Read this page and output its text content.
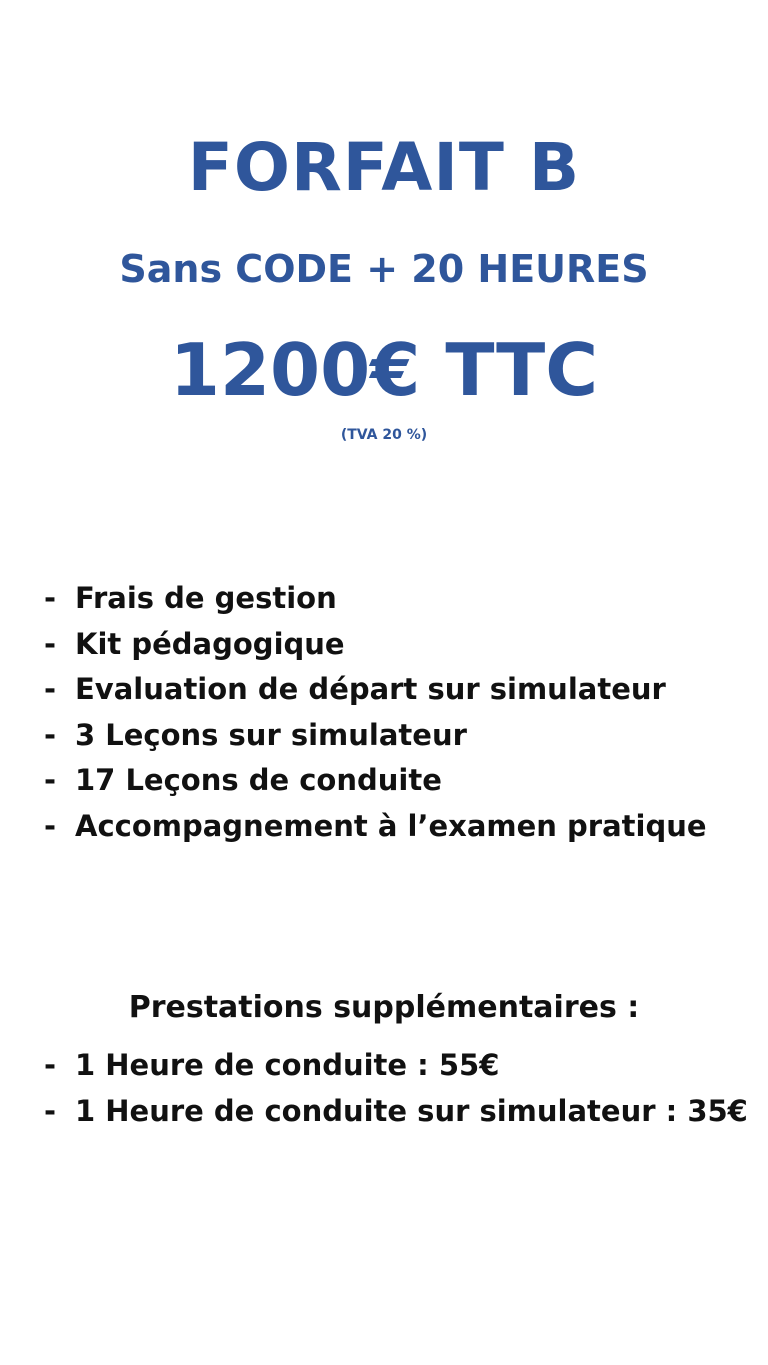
FORFAIT B
Sans CODE + 20 HEURES
1200€ TTC
(TVA 20 %)
- Frais de gestion
- Kit pédagogique
- Evaluation de départ sur simulateur
- 3 Leçons sur simulateur
- 17 Leçons de conduite
- Accompagnement à l’examen pratique
Prestations supplémentaires :
- 1 Heure de conduite : 55€
- 1 Heure de conduite sur simulateur : 35€
